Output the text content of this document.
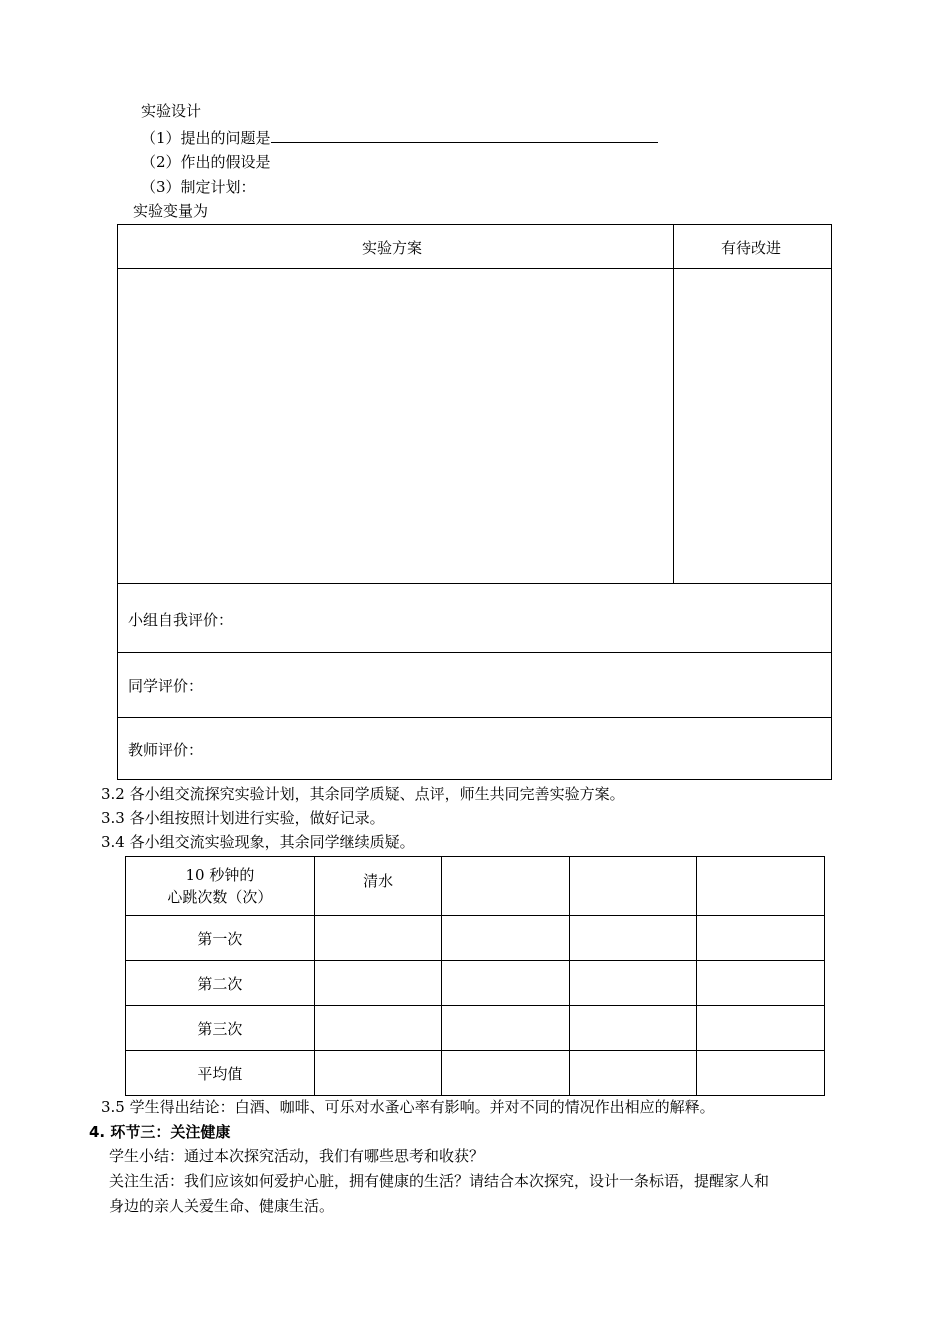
实验设计
（1）提出的问题是
（2）作出的假设是
（3）制定计划：
实验变量为
实验方案	有待改进
小组自我评价：
同学评价：
教师评价：
3.2 各小组交流探究实验计划，其余同学质疑、点评，师生共同完善实验方案。
3.3 各小组按照计划进行实验，做好记录。
3.4 各小组交流实验现象，其余同学继续质疑。
10 秒钟的
心跳次数（次）	清水			

第一次				
第二次				
第三次				
平均值				
3.5 学生得出结论：白酒、咖啡、可乐对水蚤心率有影响。并对不同的情况作出相应的解释。
4. 环节三：关注健康
学生小结：通过本次探究活动，我们有哪些思考和收获？
关注生活：我们应该如何爱护心脏，拥有健康的生活？请结合本次探究，设计一条标语，提醒家人和
身边的亲人关爱生命、健康生活。
